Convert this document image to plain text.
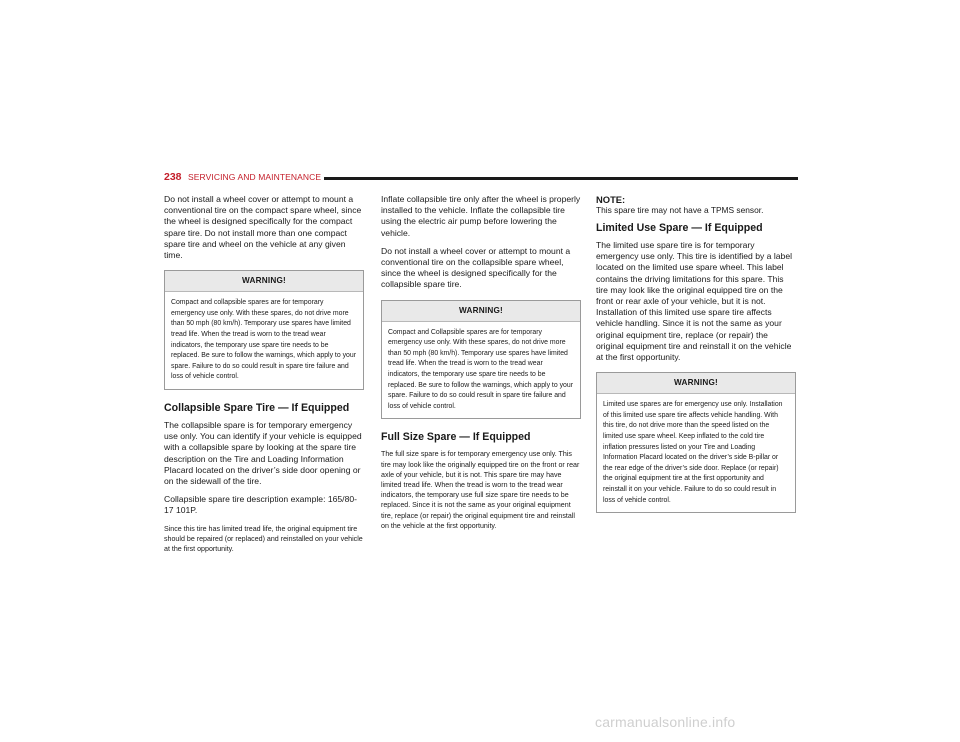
238 SERVICING AND MAINTENANCE

Do not install a wheel cover or attempt to mount a conventional tire on the compact spare wheel, since the wheel is designed specifically for the compact spare tire. Do not install more than one compact spare tire and wheel on the vehicle at any given time.

WARNING!
Compact and collapsible spares are for temporary emergency use only. With these spares, do not drive more than 50 mph (80 km/h). Temporary use spares have limited tread life. When the tread is worn to the tread wear indicators, the temporary use spare tire needs to be replaced. Be sure to follow the warnings, which apply to your spare. Failure to do so could result in spare tire failure and loss of vehicle control.
Collapsible Spare Tire — If Equipped

The collapsible spare is for temporary emergency use only. You can identify if your vehicle is equipped with a collapsible spare by looking at the spare tire description on the Tire and Loading Information Placard located on the driver’s side door opening or on the sidewall of the tire.

Collapsible spare tire description example: 165/80-17 101P.

Since this tire has limited tread life, the original equipment tire should be repaired (or replaced) and reinstalled on your vehicle at the first opportunity.

Inflate collapsible tire only after the wheel is properly installed to the vehicle. Inflate the collapsible tire using the electric air pump before lowering the vehicle.

Do not install a wheel cover or attempt to mount a conventional tire on the collapsible spare wheel, since the wheel is designed specifically for the collapsible spare tire.

WARNING!
Compact and Collapsible spares are for temporary emergency use only. With these spares, do not drive more than 50 mph (80 km/h). Temporary use spares have limited tread life. When the tread is worn to the tread wear indicators, the temporary use spare tire needs to be replaced. Be sure to follow the warnings, which apply to your spare. Failure to do so could result in spare tire failure and loss of vehicle control.
Full Size Spare — If Equipped

The full size spare is for temporary emergency use only. This tire may look like the originally equipped tire on the front or rear axle of your vehicle, but it is not. This spare tire may have limited tread life. When the tread is worn to the tread wear indicators, the temporary use full size spare tire needs to be replaced. Since it is not the same as your original equipment tire, replace (or repair) the original equipment tire and reinstall on the vehicle at the first opportunity.

NOTE:

This spare tire may not have a TPMS sensor.

Limited Use Spare — If Equipped

The limited use spare tire is for temporary emergency use only. This tire is identified by a label located on the limited use spare wheel. This label contains the driving limitations for this spare. This tire may look like the original equipped tire on the front or rear axle of your vehicle, but it is not. Installation of this limited use spare tire affects vehicle handling. Since it is not the same as your original equipment tire, replace (or repair) the original equipment tire and reinstall it on the vehicle at the first opportunity.

WARNING!
Limited use spares are for emergency use only. Installation of this limited use spare tire affects vehicle handling. With this tire, do not drive more than the speed listed on the limited use spare wheel. Keep inflated to the cold tire inflation pressures listed on your Tire and Loading Information Placard located on the driver’s side B-pillar or the rear edge of the driver’s side door. Replace (or repair) the original equipment tire at the first opportunity and reinstall it on your vehicle. Failure to do so could result in loss of vehicle control.
carmanualsonline.info
